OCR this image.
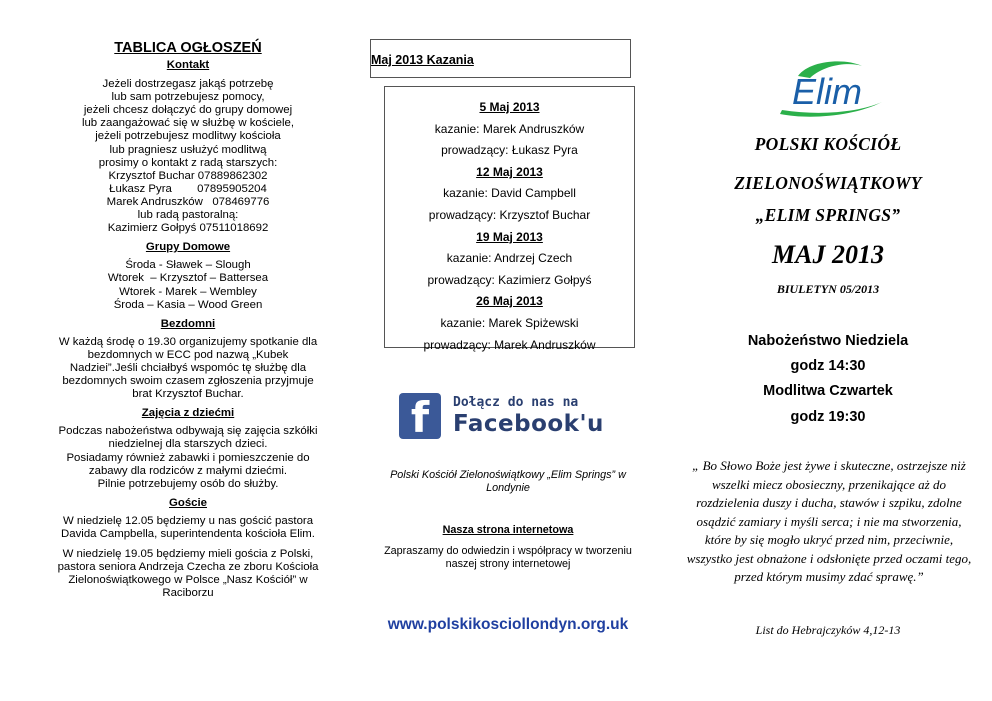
TABLICA OGŁOSZEŃ
Kontakt

Jeżeli dostrzegasz jakąś potrzebę

lub sam potrzebujesz pomocy,

jeżeli chcesz dołączyć do grupy domowej

lub zaangażować się w służbę w kościele,

jeżeli potrzebujesz modlitwy kościoła

lub pragniesz usłużyć modlitwą

prosimy o kontakt z radą starszych:

Krzysztof Buchar 07889862302

Łukasz Pyra        07895905204

Marek Andruszków   078469776

lub radą pastoralną:

Kazimierz Gołpyś 07511018692

Grupy Domowe

Środa - Sławek – Slough

Wtorek  – Krzysztof – Battersea

Wtorek - Marek – Wembley

Środa – Kasia – Wood Green

Bezdomni

W każdą środę o 19.30 organizujemy spotkanie dla

bezdomnych w ECC pod nazwą „Kubek

Nadziei”.Jeśli chciałbyś wspomóc tę służbę dla

bezdomnych swoim czasem zgłoszenia przyjmuje

brat Krzysztof Buchar.

Zajęcia z dziećmi

Podczas nabożeństwa odbywają się zajęcia szkółki

niedzielnej dla starszych dzieci.

Posiadamy również zabawki i pomieszczenie do

zabawy dla rodziców z małymi dziećmi.

Pilnie potrzebujemy osób do służby.

Goście

W niedzielę 12.05 będziemy u nas gościć pastora

Davida Campbella, superintendenta kościoła Elim.

W niedzielę 19.05 będziemy mieli gościa z Polski,

pastora seniora Andrzeja Czecha ze zboru Kościoła

Zielonoświątkowego w Polsce „Nasz Kościół” w

Raciborzu

Maj 2013 Kazania
5 Maj 2013
kazanie: Marek Andruszków
prowadzący: Łukasz Pyra
12 Maj 2013
kazanie: David Campbell
prowadzący: Krzysztof Buchar
19 Maj 2013
kazanie: Andrzej Czech
prowadzący: Kazimierz Gołpyś
26 Maj 2013
kazanie: Marek Spiżewski
prowadzący: Marek Andruszków
f	Dołącz do nas na
Facebook'u
Polski Kościół Zielonoświątkowy „Elim Springs” w Londynie
Nasza strona internetowa
Zapraszamy do odwiedzin i współpracy w tworzeniu naszej strony internetowej
www.polskikosciollondyn.org.uk
Elim
POLSKI KOŚCIÓŁ
ZIELONOŚWIĄTKOWY
„ELIM SPRINGS”
MAJ 2013
BIULETYN 05/2013
Nabożeństwo Niedziela
godz 14:30
Modlitwa Czwartek
godz 19:30
„ Bo Słowo Boże jest żywe i skuteczne, ostrzejsze niż wszelki miecz obosieczny, przenikające aż do rozdzielenia duszy i ducha, stawów i szpiku, zdolne osądzić zamiary i myśli serca; i nie ma stworzenia, które by się mogło ukryć przed nim, przeciwnie, wszystko jest obnażone i odsłonięte przed oczami tego, przed którym musimy zdać sprawę.”
List do Hebrajczyków 4,12-13
